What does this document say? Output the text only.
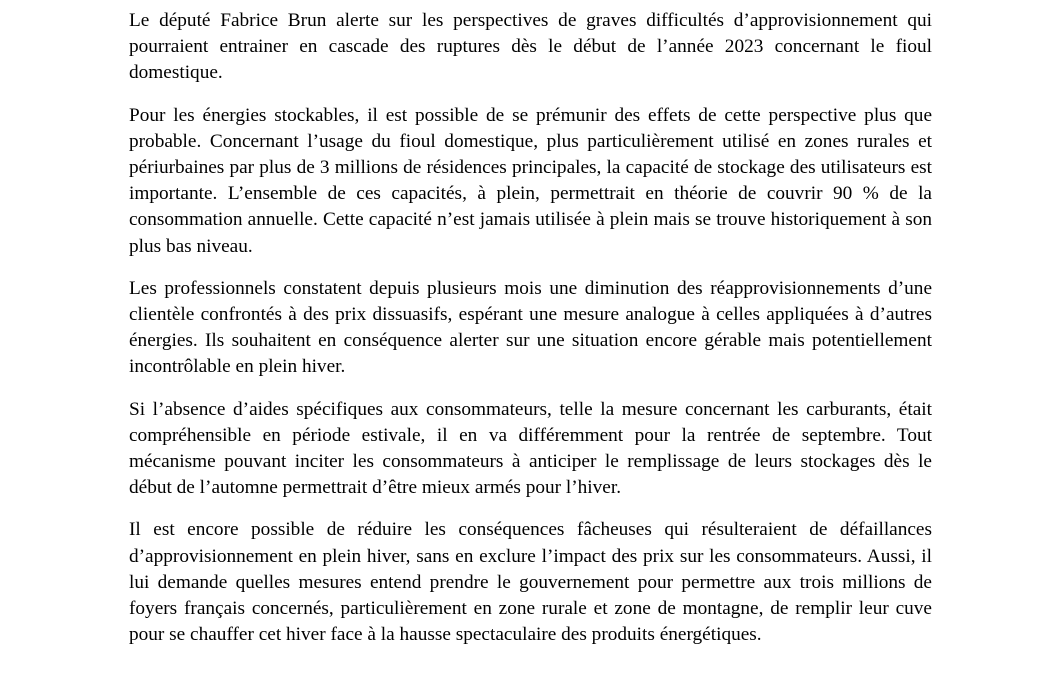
Le député Fabrice Brun alerte sur les perspectives de graves difficultés d’approvisionnement qui pourraient entrainer en cascade des ruptures dès le début de l’année 2023 concernant le fioul domestique.

Pour les énergies stockables, il est possible de se prémunir des effets de cette perspective plus que probable. Concernant l’usage du fioul domestique, plus particulièrement utilisé en zones rurales et périurbaines par plus de 3 millions de résidences principales, la capacité de stockage des utilisateurs est importante. L’ensemble de ces capacités, à plein, permettrait en théorie de couvrir 90 % de la consommation annuelle. Cette capacité n’est jamais utilisée à plein mais se trouve historiquement à son plus bas niveau.

Les professionnels constatent depuis plusieurs mois une diminution des réapprovisionnements d’une clientèle confrontés à des prix dissuasifs, espérant une mesure analogue à celles appliquées à d’autres énergies. Ils souhaitent en conséquence alerter sur une situation encore gérable mais potentiellement incontrôlable en plein hiver.

Si l’absence d’aides spécifiques aux consommateurs, telle la mesure concernant les carburants, était compréhensible en période estivale, il en va différemment pour la rentrée de septembre. Tout mécanisme pouvant inciter les consommateurs à anticiper le remplissage de leurs stockages dès le début de l’automne permettrait d’être mieux armés pour l’hiver.

Il est encore possible de réduire les conséquences fâcheuses qui résulteraient de défaillances d’approvisionnement en plein hiver, sans en exclure l’impact des prix sur les consommateurs. Aussi, il lui demande quelles mesures entend prendre le gouvernement pour permettre aux trois millions de foyers français concernés, particulièrement en zone rurale et zone de montagne, de remplir leur cuve pour se chauffer cet hiver face à la hausse spectaculaire des produits énergétiques.
